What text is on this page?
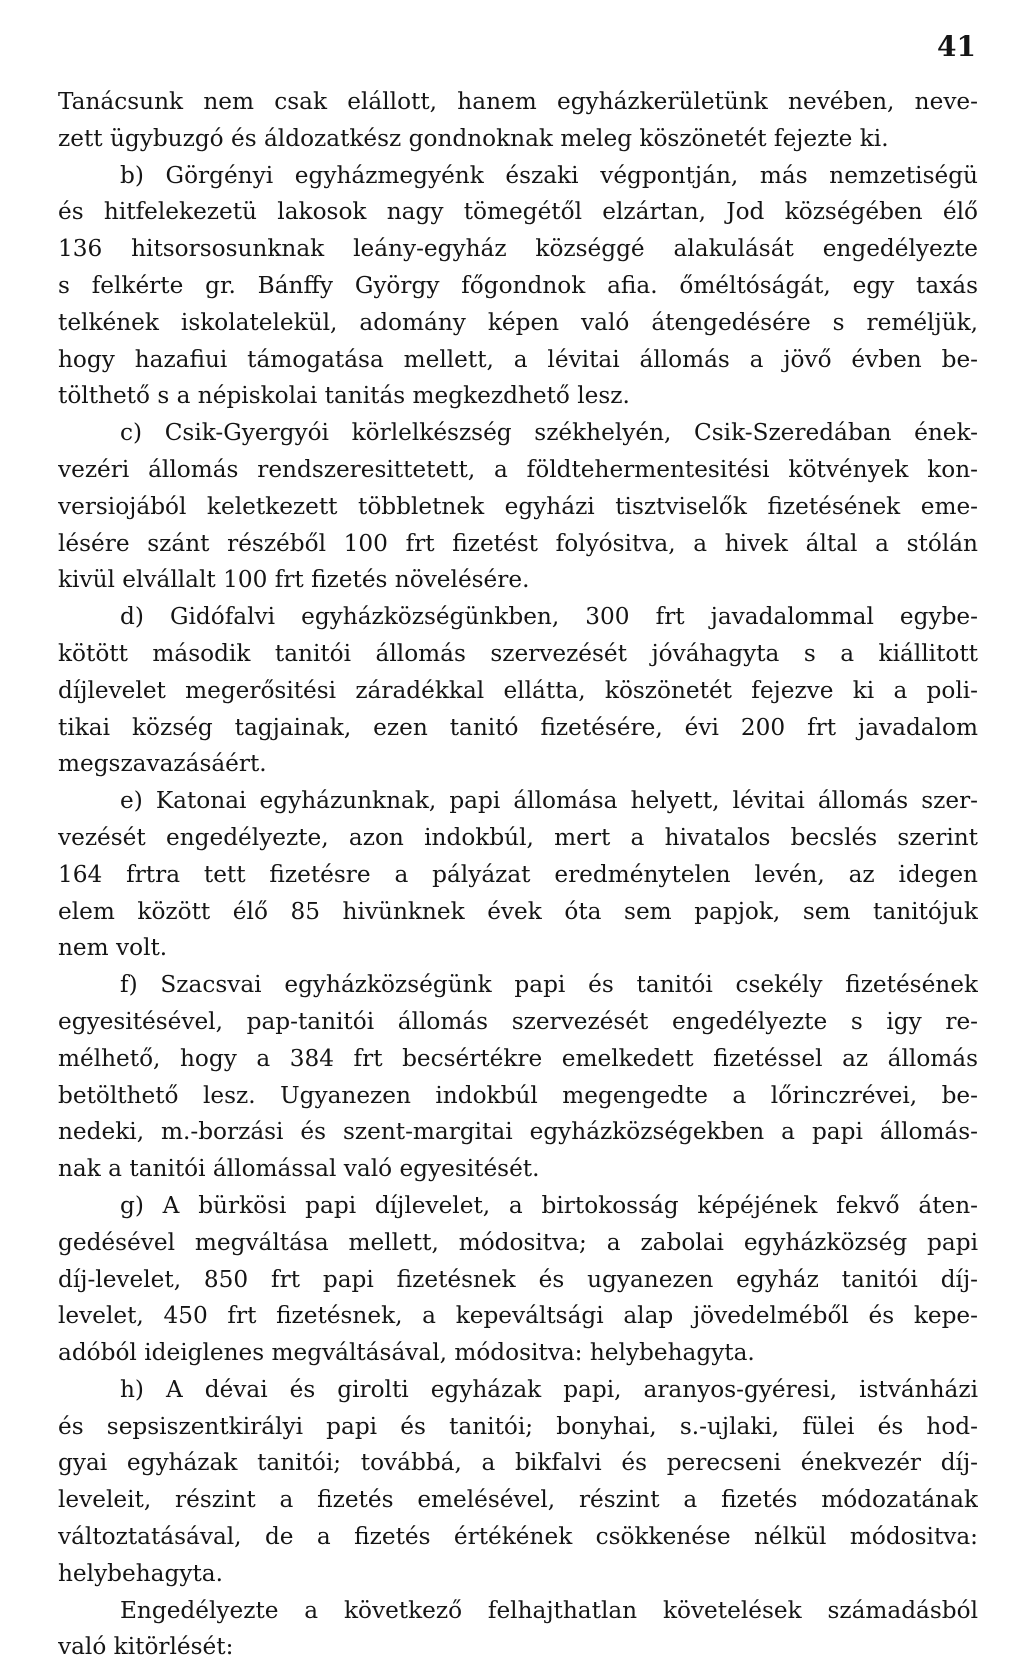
41
Tanácsunk nem csak elállott, hanem egyházkerületünk nevében, neve-
zett ügybuzgó és áldozatkész gondnoknak meleg köszönetét fejezte ki.
b) Görgényi egyházmegyénk északi végpontján, más nemzetiségü
és hitfelekezetü lakosok nagy tömegétől elzártan, Jod községében élő
136 hitsorsosunknak leány-egyház községgé alakulását engedélyezte
s felkérte gr. Bánffy György főgondnok afia. őméltóságát, egy taxás
telkének iskolatelekül, adomány képen való átengedésére s reméljük,
hogy hazafiui támogatása mellett, a lévitai állomás a jövő évben be-
tölthető s a népiskolai tanitás megkezdhető lesz.
c) Csik-Gyergyói körlelkészség székhelyén, Csik-Szeredában ének-
vezéri állomás rendszeresittetett, a földtehermentesitési kötvények kon-
versiojából keletkezett többletnek egyházi tisztviselők fizetésének eme-
lésére szánt részéből 100 frt fizetést folyósitva, a hivek által a stólán
kivül elvállalt 100 frt fizetés növelésére.
d) Gidófalvi egyházközségünkben, 300 frt javadalommal egybe-
kötött második tanitói állomás szervezését jóváhagyta s a kiállitott
díjlevelet megerősitési záradékkal ellátta, köszönetét fejezve ki a poli-
tikai község tagjainak, ezen tanitó fizetésére, évi 200 frt javadalom
megszavazásáért.
e) Katonai egyházunknak, papi állomása helyett, lévitai állomás szer-
vezését engedélyezte, azon indokbúl, mert a hivatalos becslés szerint
164 frtra tett fizetésre a pályázat eredménytelen levén, az idegen
elem között élő 85 hivünknek évek óta sem papjok, sem tanitójuk
nem volt.
f) Szacsvai egyházközségünk papi és tanitói csekély fizetésének
egyesitésével, pap-tanitói állomás szervezését engedélyezte s igy re-
mélhető, hogy a 384 frt becsértékre emelkedett fizetéssel az állomás
betölthető lesz. Ugyanezen indokbúl megengedte a lőrinczrévei, be-
nedeki, m.-borzási és szent-margitai egyházközségekben a papi állomás-
nak a tanitói állomással való egyesitését.
g) A bürkösi papi díjlevelet, a birtokosság képéjének fekvő áten-
gedésével megváltása mellett, módositva; a zabolai egyházközség papi
díj-levelet, 850 frt papi fizetésnek és ugyanezen egyház tanitói díj-
levelet, 450 frt fizetésnek, a kepeváltsági alap jövedelméből és kepe-
adóból ideiglenes megváltásával, módositva: helybehagyta.
h) A dévai és girolti egyházak papi, aranyos-gyéresi, istvánházi
és sepsiszentkirályi papi és tanitói; bonyhai, s.-ujlaki, fülei és hod-
gyai egyházak tanitói; továbbá, a bikfalvi és perecseni énekvezér díj-
leveleit, részint a fizetés emelésével, részint a fizetés módozatának
változtatásával, de a fizetés értékének csökkenése nélkül módositva:
helybehagyta.
Engedélyezte a következő felhajthatlan követelések számadásból
való kitörlését:
